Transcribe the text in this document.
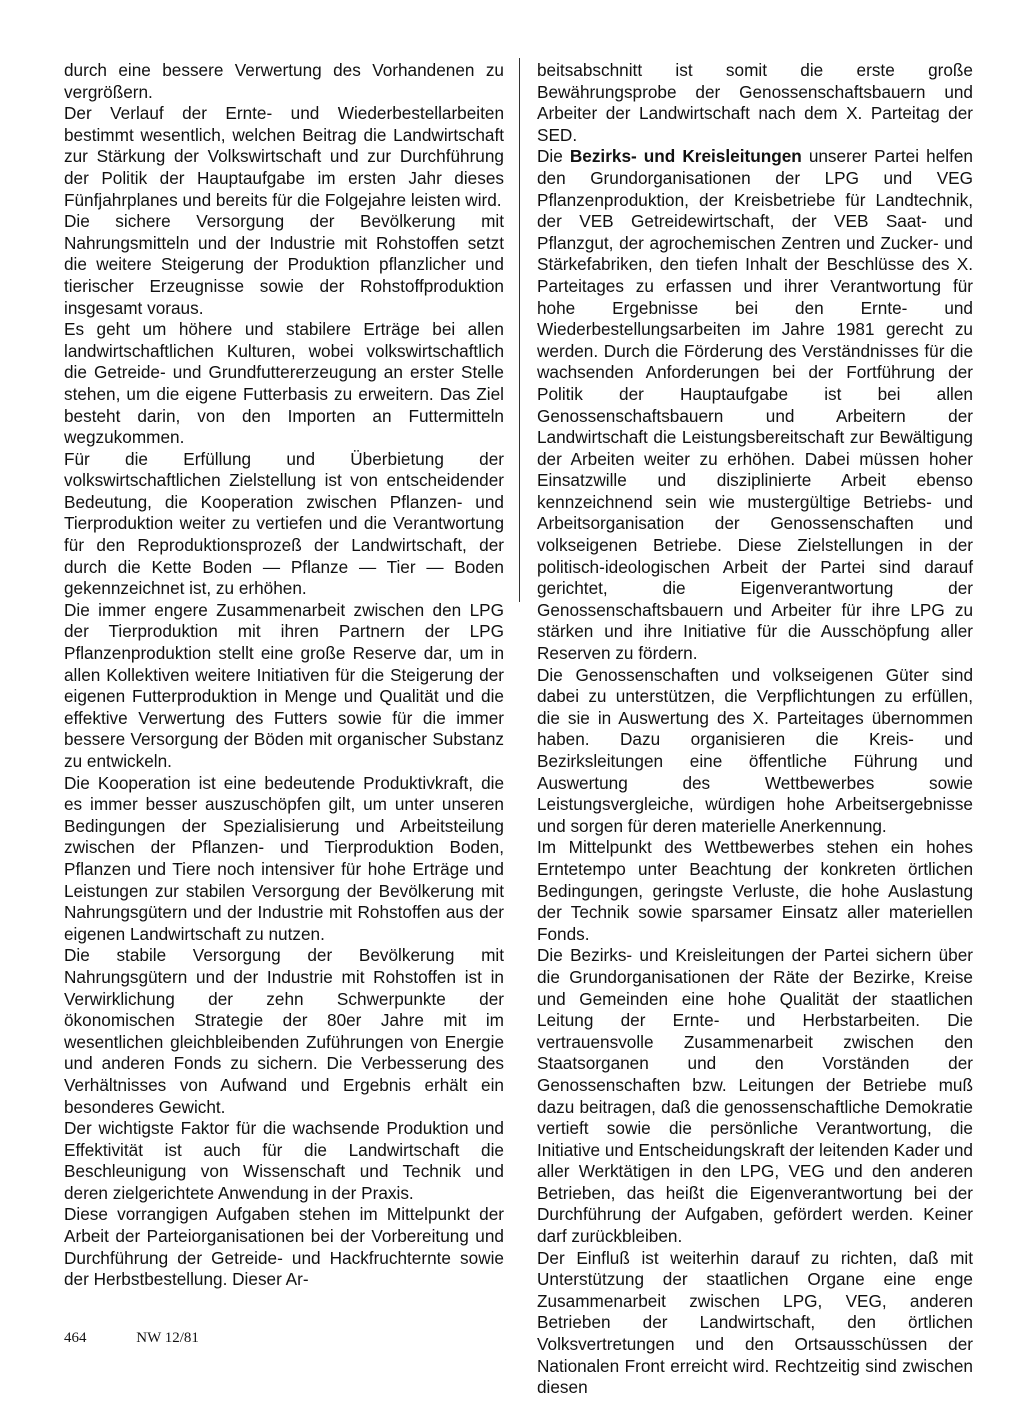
durch eine bessere Verwertung des Vorhandenen zu vergrößern.

Der Verlauf der Ernte- und Wiederbestellarbeiten bestimmt wesentlich, welchen Beitrag die Landwirtschaft zur Stärkung der Volkswirtschaft und zur Durchführung der Politik der Hauptaufgabe im ersten Jahr dieses Fünfjahrplanes und bereits für die Folgejahre leisten wird.

Die sichere Versorgung der Bevölkerung mit Nahrungsmitteln und der Industrie mit Rohstoffen setzt die weitere Steigerung der Produktion pflanzlicher und tierischer Erzeugnisse sowie der Rohstoffproduktion insgesamt voraus.

Es geht um höhere und stabilere Erträge bei allen landwirtschaftlichen Kulturen, wobei volkswirtschaftlich die Getreide- und Grundfuttererzeugung an erster Stelle stehen, um die eigene Futterbasis zu erweitern. Das Ziel besteht darin, von den Importen an Futtermitteln wegzukommen.

Für die Erfüllung und Überbietung der volkswirtschaftlichen Zielstellung ist von entscheidender Bedeutung, die Kooperation zwischen Pflanzen- und Tierproduktion weiter zu vertiefen und die Verantwortung für den Reproduktionsprozeß der Landwirtschaft, der durch die Kette Boden — Pflanze — Tier — Boden gekennzeichnet ist, zu erhöhen.

Die immer engere Zusammenarbeit zwischen den LPG der Tierproduktion mit ihren Partnern der LPG Pflanzenproduktion stellt eine große Reserve dar, um in allen Kollektiven weitere Initiativen für die Steigerung der eigenen Futterproduktion in Menge und Qualität und die effektive Verwertung des Futters sowie für die immer bessere Versorgung der Böden mit organischer Substanz zu entwickeln.

Die Kooperation ist eine bedeutende Produktivkraft, die es immer besser auszuschöpfen gilt, um unter unseren Bedingungen der Spezialisierung und Arbeitsteilung zwischen der Pflanzen- und Tierproduktion Boden, Pflanzen und Tiere noch intensiver für hohe Erträge und Leistungen zur stabilen Versorgung der Bevölkerung mit Nahrungsgütern und der Industrie mit Rohstoffen aus der eigenen Landwirtschaft zu nutzen.

Die stabile Versorgung der Bevölkerung mit Nahrungsgütern und der Industrie mit Rohstoffen ist in Verwirklichung der zehn Schwerpunkte der ökonomischen Strategie der 80er Jahre mit im wesentlichen gleichbleibenden Zuführungen von Energie und anderen Fonds zu sichern. Die Verbesserung des Verhältnisses von Aufwand und Ergebnis erhält ein besonderes Gewicht.

Der wichtigste Faktor für die wachsende Produktion und Effektivität ist auch für die Landwirtschaft die Beschleunigung von Wissenschaft und Technik und deren zielgerichtete Anwendung in der Praxis.

Diese vorrangigen Aufgaben stehen im Mittelpunkt der Arbeit der Parteiorganisationen bei der Vorbereitung und Durchführung der Getreide- und Hackfruchternte sowie der Herbstbestellung. Dieser Ar-

beitsabschnitt ist somit die erste große Bewährungsprobe der Genossenschaftsbauern und Arbeiter der Landwirtschaft nach dem X. Parteitag der SED.

Die Bezirks- und Kreisleitungen unserer Partei helfen den Grundorganisationen der LPG und VEG Pflanzenproduktion, der Kreisbetriebe für Landtechnik, der VEB Getreidewirtschaft, der VEB Saat- und Pflanzgut, der agrochemischen Zentren und Zucker- und Stärkefabriken, den tiefen Inhalt der Beschlüsse des X. Parteitages zu erfassen und ihrer Verantwortung für hohe Ergebnisse bei den Ernte- und Wiederbestellungsarbeiten im Jahre 1981 gerecht zu werden. Durch die Förderung des Verständnisses für die wachsenden Anforderungen bei der Fortführung der Politik der Hauptaufgabe ist bei allen Genossenschaftsbauern und Arbeitern der Landwirtschaft die Leistungsbereitschaft zur Bewältigung der Arbeiten weiter zu erhöhen. Dabei müssen hoher Einsatzwille und disziplinierte Arbeit ebenso kennzeichnend sein wie mustergültige Betriebs- und Arbeitsorganisation der Genossenschaften und volkseigenen Betriebe. Diese Zielstellungen in der politisch-ideologischen Arbeit der Partei sind darauf gerichtet, die Eigenverantwortung der Genossenschaftsbauern und Arbeiter für ihre LPG zu stärken und ihre Initiative für die Ausschöpfung aller Reserven zu fördern.

Die Genossenschaften und volkseigenen Güter sind dabei zu unterstützen, die Verpflichtungen zu erfüllen, die sie in Auswertung des X. Parteitages übernommen haben. Dazu organisieren die Kreis- und Bezirksleitungen eine öffentliche Führung und Auswertung des Wettbewerbes sowie Leistungsvergleiche, würdigen hohe Arbeitsergebnisse und sorgen für deren materielle Anerkennung.

Im Mittelpunkt des Wettbewerbes stehen ein hohes Erntetempo unter Beachtung der konkreten örtlichen Bedingungen, geringste Verluste, die hohe Auslastung der Technik sowie sparsamer Einsatz aller materiellen Fonds.

Die Bezirks- und Kreisleitungen der Partei sichern über die Grundorganisationen der Räte der Bezirke, Kreise und Gemeinden eine hohe Qualität der staatlichen Leitung der Ernte- und Herbstarbeiten. Die vertrauensvolle Zusammenarbeit zwischen den Staatsorganen und den Vorständen der Genossenschaften bzw. Leitungen der Betriebe muß dazu beitragen, daß die genossenschaftliche Demokratie vertieft sowie die persönliche Verantwortung, die Initiative und Entscheidungskraft der leitenden Kader und aller Werktätigen in den LPG, VEG und den anderen Betrieben, das heißt die Eigenverantwortung bei der Durchführung der Aufgaben, gefördert werden. Keiner darf zurückbleiben.

Der Einfluß ist weiterhin darauf zu richten, daß mit Unterstützung der staatlichen Organe eine enge Zusammenarbeit zwischen LPG, VEG, anderen Betrieben der Landwirtschaft, den örtlichen Volksvertretungen und den Ortsausschüssen der Nationalen Front erreicht wird. Rechtzeitig sind zwischen diesen

464	NW 12/81
